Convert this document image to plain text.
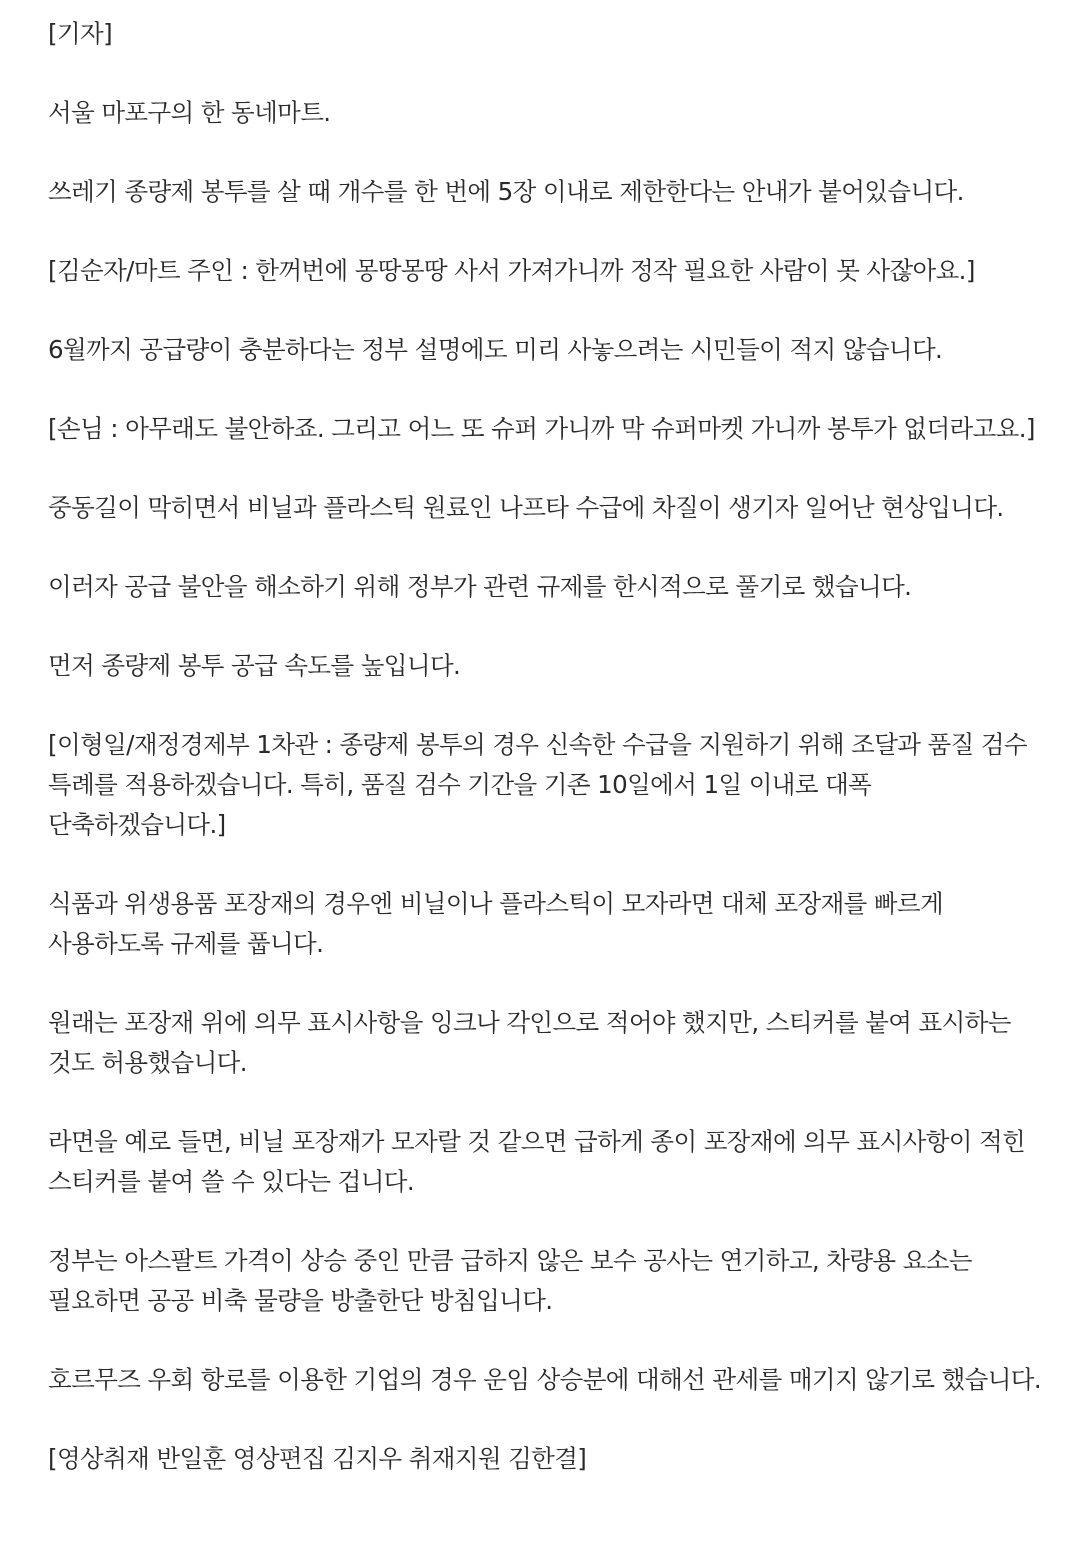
[기자]

서울 마포구의 한 동네마트.

쓰레기 종량제 봉투를 살 때 개수를 한 번에 5장 이내로 제한한다는 안내가 붙어있습니다.

[김순자/마트 주인 : 한꺼번에 몽땅몽땅 사서 가져가니까 정작 필요한 사람이 못 사잖아요.]

6월까지 공급량이 충분하다는 정부 설명에도 미리 사놓으려는 시민들이 적지 않습니다.

[손님 : 아무래도 불안하죠. 그리고 어느 또 슈퍼 가니까 막 슈퍼마켓 가니까 봉투가 없더라고요.]

중동길이 막히면서 비닐과 플라스틱 원료인 나프타 수급에 차질이 생기자 일어난 현상입니다.

이러자 공급 불안을 해소하기 위해 정부가 관련 규제를 한시적으로 풀기로 했습니다.

먼저 종량제 봉투 공급 속도를 높입니다.

[이형일/재정경제부 1차관 : 종량제 봉투의 경우 신속한 수급을 지원하기 위해 조달과 품질 검수 특례를 적용하겠습니다. 특히, 품질 검수 기간을 기존 10일에서 1일 이내로 대폭 단축하겠습니다.]

식품과 위생용품 포장재의 경우엔 비닐이나 플라스틱이 모자라면 대체 포장재를 빠르게 사용하도록 규제를 풉니다.

원래는 포장재 위에 의무 표시사항을 잉크나 각인으로 적어야 했지만, 스티커를 붙여 표시하는 것도 허용했습니다.

라면을 예로 들면, 비닐 포장재가 모자랄 것 같으면 급하게 종이 포장재에 의무 표시사항이 적힌 스티커를 붙여 쓸 수 있다는 겁니다.

정부는 아스팔트 가격이 상승 중인 만큼 급하지 않은 보수 공사는 연기하고, 차량용 요소는 필요하면 공공 비축 물량을 방출한단 방침입니다.

호르무즈 우회 항로를 이용한 기업의 경우 운임 상승분에 대해선 관세를 매기지 않기로 했습니다.

[영상취재 반일훈 영상편집 김지우 취재지원 김한결]
